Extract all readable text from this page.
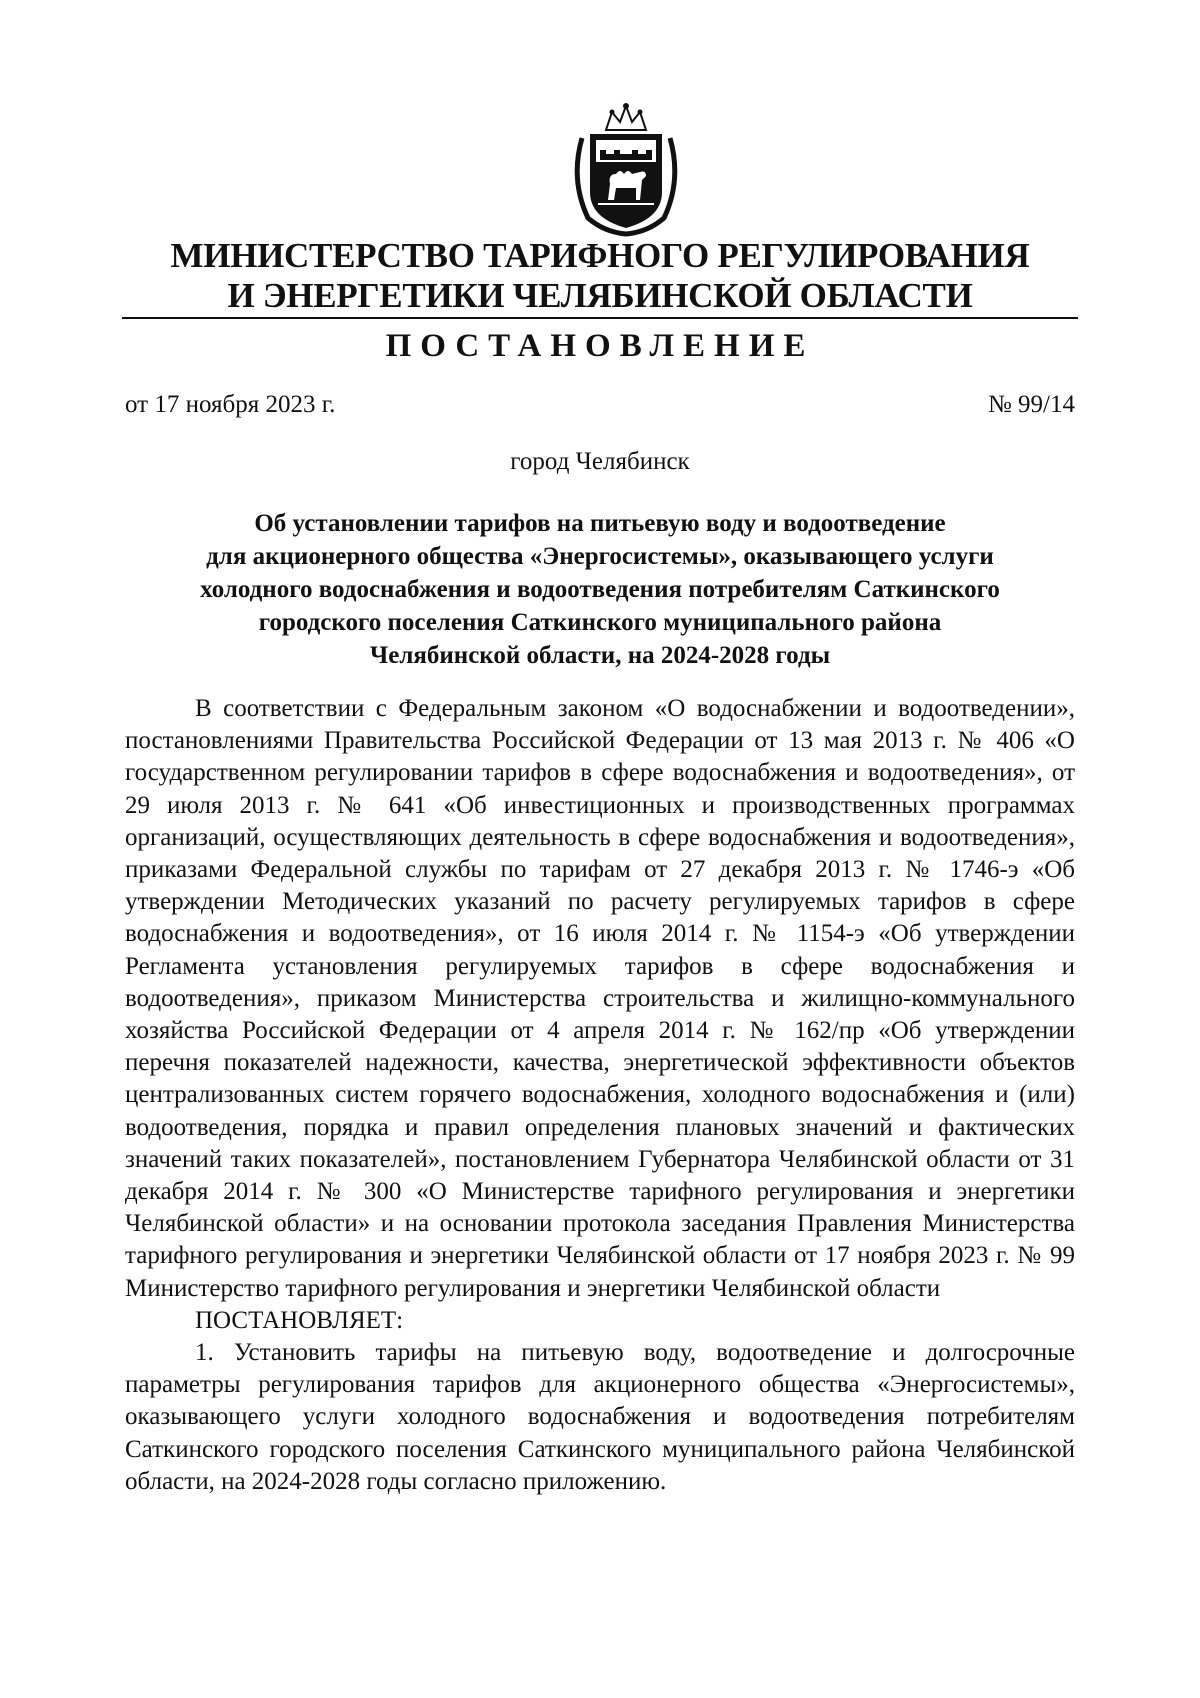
МИНИСТЕРСТВО ТАРИФНОГО РЕГУЛИРОВАНИЯ
И ЭНЕРГЕТИКИ ЧЕЛЯБИНСКОЙ ОБЛАСТИ
ПОСТАНОВЛЕНИЕ
от 17 ноября 2023 г.	№ 99/14
город Челябинск
Об установлении тарифов на питьевую воду и водоотведение
для акционерного общества «Энергосистемы», оказывающего услуги
холодного водоснабжения и водоотведения потребителям Саткинского
городского поселения Саткинского муниципального района
Челябинской области, на 2024-2028 годы

В соответствии с Федеральным законом «О водоснабжении и водоотведении», постановлениями Правительства Российской Федерации от 13 мая 2013 г. № 406 «О государственном регулировании тарифов в сфере водоснабжения и водоотведения», от 29 июля 2013 г. № 641 «Об инвестиционных и производственных программах организаций, осуществляющих деятельность в сфере водоснабжения и водоотведения», приказами Федеральной службы по тарифам от 27 декабря 2013 г. № 1746-э «Об утверждении Методических указаний по расчету регулируемых тарифов в сфере водоснабжения и водоотведения», от 16 июля 2014 г. № 1154-э «Об утверждении Регламента установления регулируемых тарифов в сфере водоснабжения и водоотведения», приказом Министерства строительства и жилищно-коммунального хозяйства Российской Федерации от 4 апреля 2014 г. № 162/пр «Об утверждении перечня показателей надежности, качества, энергетической эффективности объектов централизованных систем горячего водоснабжения, холодного водоснабжения и (или) водоотведения, порядка и правил определения плановых значений и фактических значений таких показателей», постановлением Губернатора Челябинской области от 31 декабря 2014 г. № 300 «О Министерстве тарифного регулирования и энергетики Челябинской области» и на основании протокола заседания Правления Министерства тарифного регулирования и энергетики Челябинской области от 17 ноября 2023 г. № 99 Министерство тарифного регулирования и энергетики Челябинской области

ПОСТАНОВЛЯЕТ:

1. Установить тарифы на питьевую воду, водоотведение и долгосрочные параметры регулирования тарифов для акционерного общества «Энергосистемы», оказывающего услуги холодного водоснабжения и водоотведения потребителям Саткинского городского поселения Саткинского муниципального района Челябинской области, на 2024-2028 годы согласно приложению.
